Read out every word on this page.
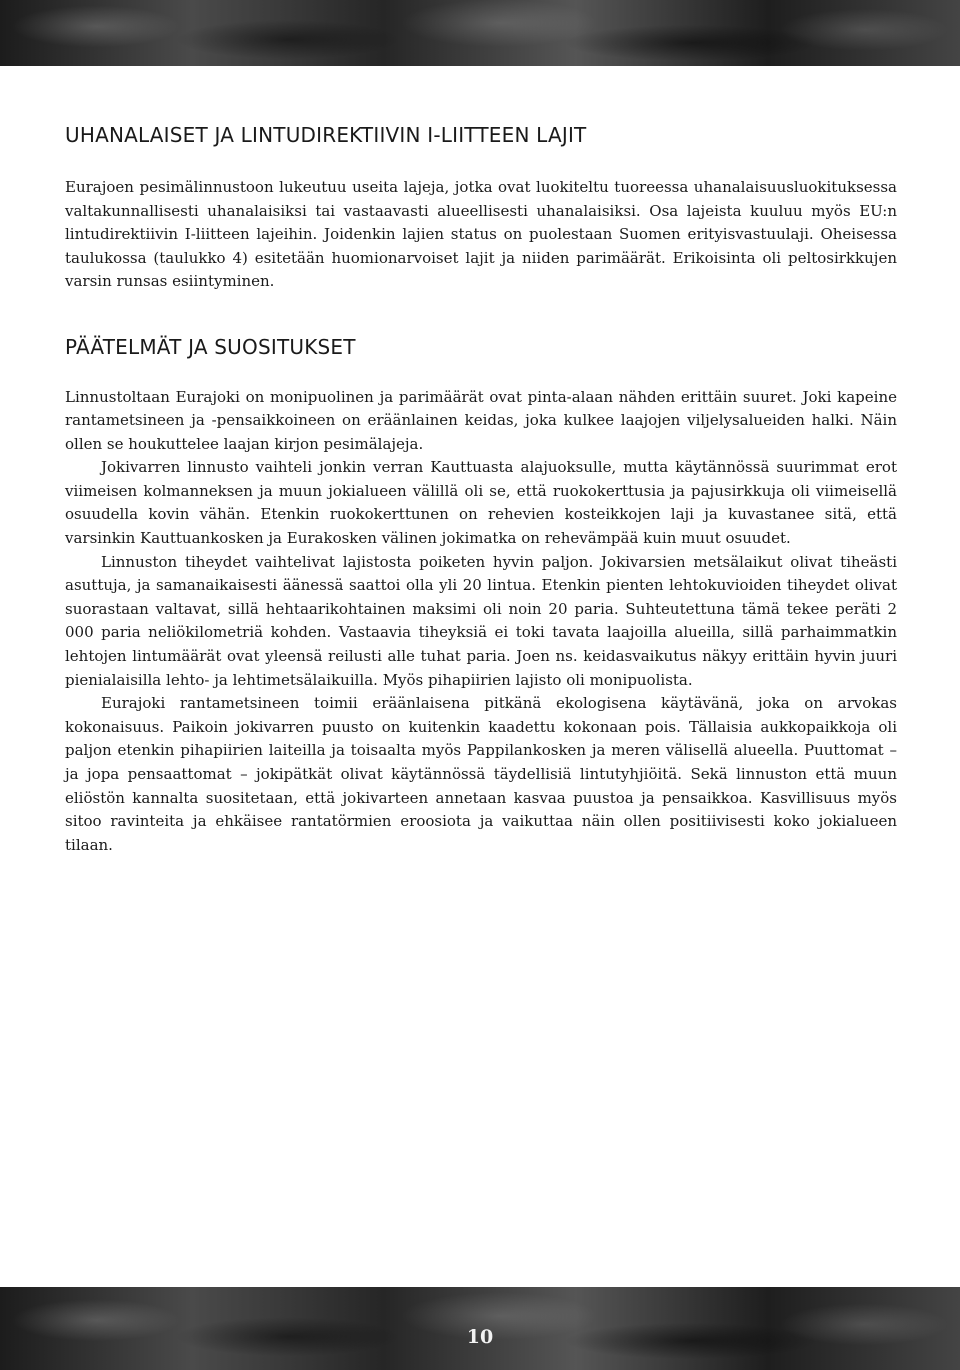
UHANALAISET JA LINTUDIREKTIIVIN I-LIITTEEN LAJIT

Eurajoen pesimälinnustoon lukeutuu useita lajeja, jotka ovat luokiteltu tuoreessa uhanalaisuusluokituksessa valtakunnallisesti uhanalaisiksi tai vastaavasti alueellisesti uhanalaisiksi. Osa lajeista kuuluu myös EU:n lintudirektiivin I-liitteen lajeihin. Joidenkin lajien status on puolestaan Suomen erityisvastuulaji. Oheisessa taulukossa (taulukko 4) esitetään huomionarvoiset lajit ja niiden parimäärät. Erikoisinta oli peltosirkkujen varsin runsas esiintyminen.

PÄÄTELMÄT JA SUOSITUKSET

Linnustoltaan Eurajoki on monipuolinen ja parimäärät ovat pinta-alaan nähden erittäin suuret. Joki kapeine rantametsineen ja -pensaikkoineen on eräänlainen keidas, joka kulkee laajojen viljelysalueiden halki. Näin ollen se houkuttelee laajan kirjon pesimälajeja.

Jokivarren linnusto vaihteli jonkin verran Kauttuasta alajuoksulle, mutta käytännössä suurimmat erot viimeisen kolmanneksen ja muun jokialueen välillä oli se, että ruokokerttusia ja pajusirkkuja oli viimeisellä osuudella kovin vähän. Etenkin ruokokerttunen on rehevien kosteikkojen laji ja kuvastanee sitä, että varsinkin Kauttuankosken ja Eurakosken välinen jokimatka on rehevämpää kuin muut osuudet.

Linnuston tiheydet vaihtelivat lajistosta poiketen hyvin paljon. Jokivarsien metsälaikut olivat tiheästi asuttuja, ja samanaikaisesti äänessä saattoi olla yli 20 lintua. Etenkin pienten lehtokuvioiden tiheydet olivat suorastaan valtavat, sillä hehtaarikohtainen maksimi oli noin 20 paria. Suhteutettuna tämä tekee peräti 2 000 paria neliökilometriä kohden. Vastaavia tiheyksiä ei toki tavata laajoilla alueilla, sillä parhaimmatkin lehtojen lintumäärät ovat yleensä reilusti alle tuhat paria. Joen ns. keidasvaikutus näkyy erittäin hyvin juuri pienialaisilla lehto- ja lehtimetsälaikuilla. Myös pihapiirien lajisto oli monipuolista.

Eurajoki rantametsineen toimii eräänlaisena pitkänä ekologisena käytävänä, joka on arvokas kokonaisuus. Paikoin jokivarren puusto on kuitenkin kaadettu kokonaan pois. Tällaisia aukkopaikkoja oli paljon etenkin pihapiirien laiteilla ja toisaalta myös Pappilankosken ja meren välisellä alueella. Puuttomat – ja jopa pensaattomat – jokipätkät olivat käytännössä täydellisiä lintutyhjiöitä. Sekä linnuston että muun eliöstön kannalta suositetaan, että jokivarteen annetaan kasvaa puustoa ja pensaikkoa. Kasvillisuus myös sitoo ravinteita ja ehkäisee rantatörmien eroosiota ja vaikuttaa näin ollen positiivisesti koko jokialueen tilaan.

10
